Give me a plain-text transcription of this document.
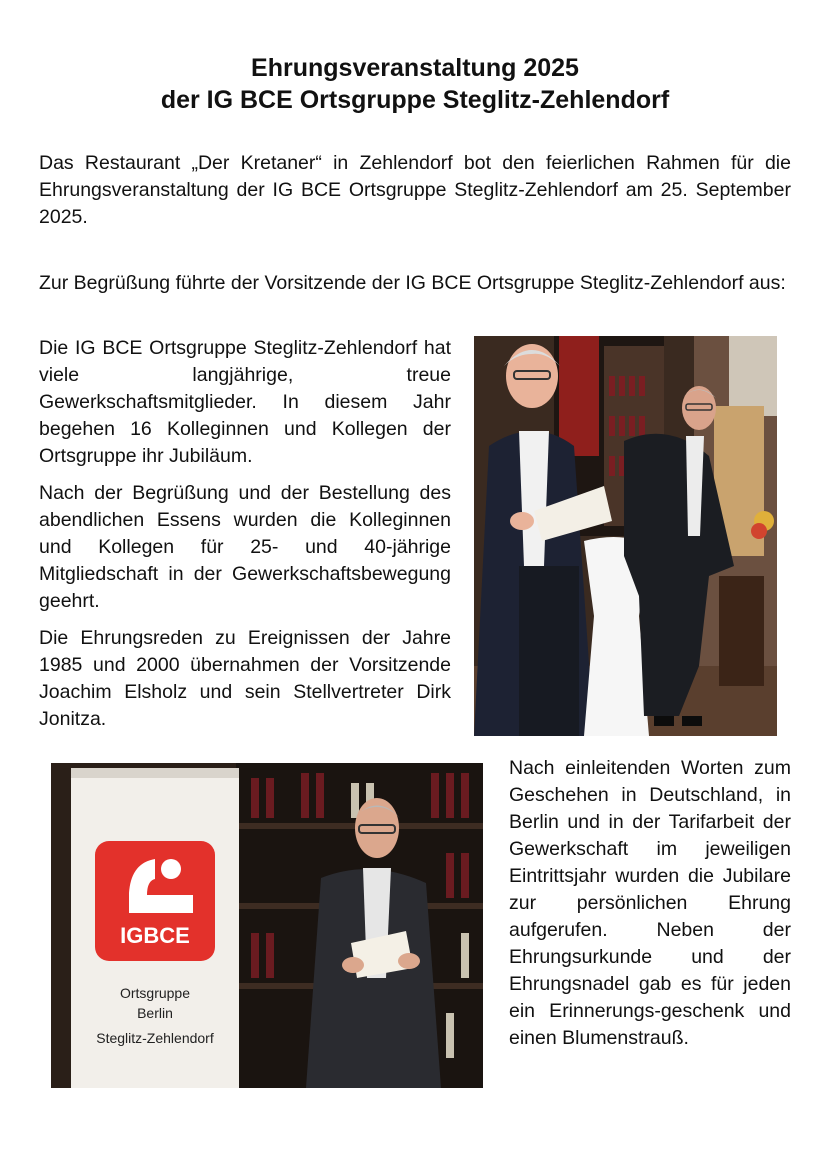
Ehrungsveranstaltung 2025
der IG BCE Ortsgruppe Steglitz-Zehlendorf

Das Restaurant „Der Kretaner“ in Zehlendorf bot den feierlichen Rahmen für die Ehrungsveranstaltung der IG BCE Ortsgruppe Steglitz-Zehlendorf am 25. September 2025.

Zur Begrüßung führte der Vorsitzende der IG BCE Ortsgruppe Steglitz-Zehlendorf aus:

Die IG BCE Ortsgruppe Steglitz-Zehlendorf hat viele langjährige, treue Gewerkschaftsmitglieder. In diesem Jahr begehen 16 Kolleginnen und Kollegen der Ortsgruppe ihr Jubiläum.

Nach der Begrüßung und der Bestellung des abendlichen Essens wurden die Kolleginnen und Kollegen für 25- und 40-jährige Mitgliedschaft in der Gewerkschaftsbewegung geehrt.

Die Ehrungsreden zu Ereignissen der Jahre 1985 und 2000 übernahmen der Vorsitzende Joachim Elsholz und sein Stellvertreter Dirk Jonitza.

Nach einleitenden Worten zum Geschehen in Deutschland, in Berlin und in der Tarifarbeit der Gewerkschaft im jeweiligen Eintrittsjahr wurden die Jubilare zur persönlichen Ehrung aufgerufen. Neben der Ehrungsurkunde und der Ehrungsnadel gab es für jeden ein Erinnerungs-geschenk und einen Blumenstrauß.

IGBCE
Ortsgruppe
Berlin
Steglitz-Zehlendorf
